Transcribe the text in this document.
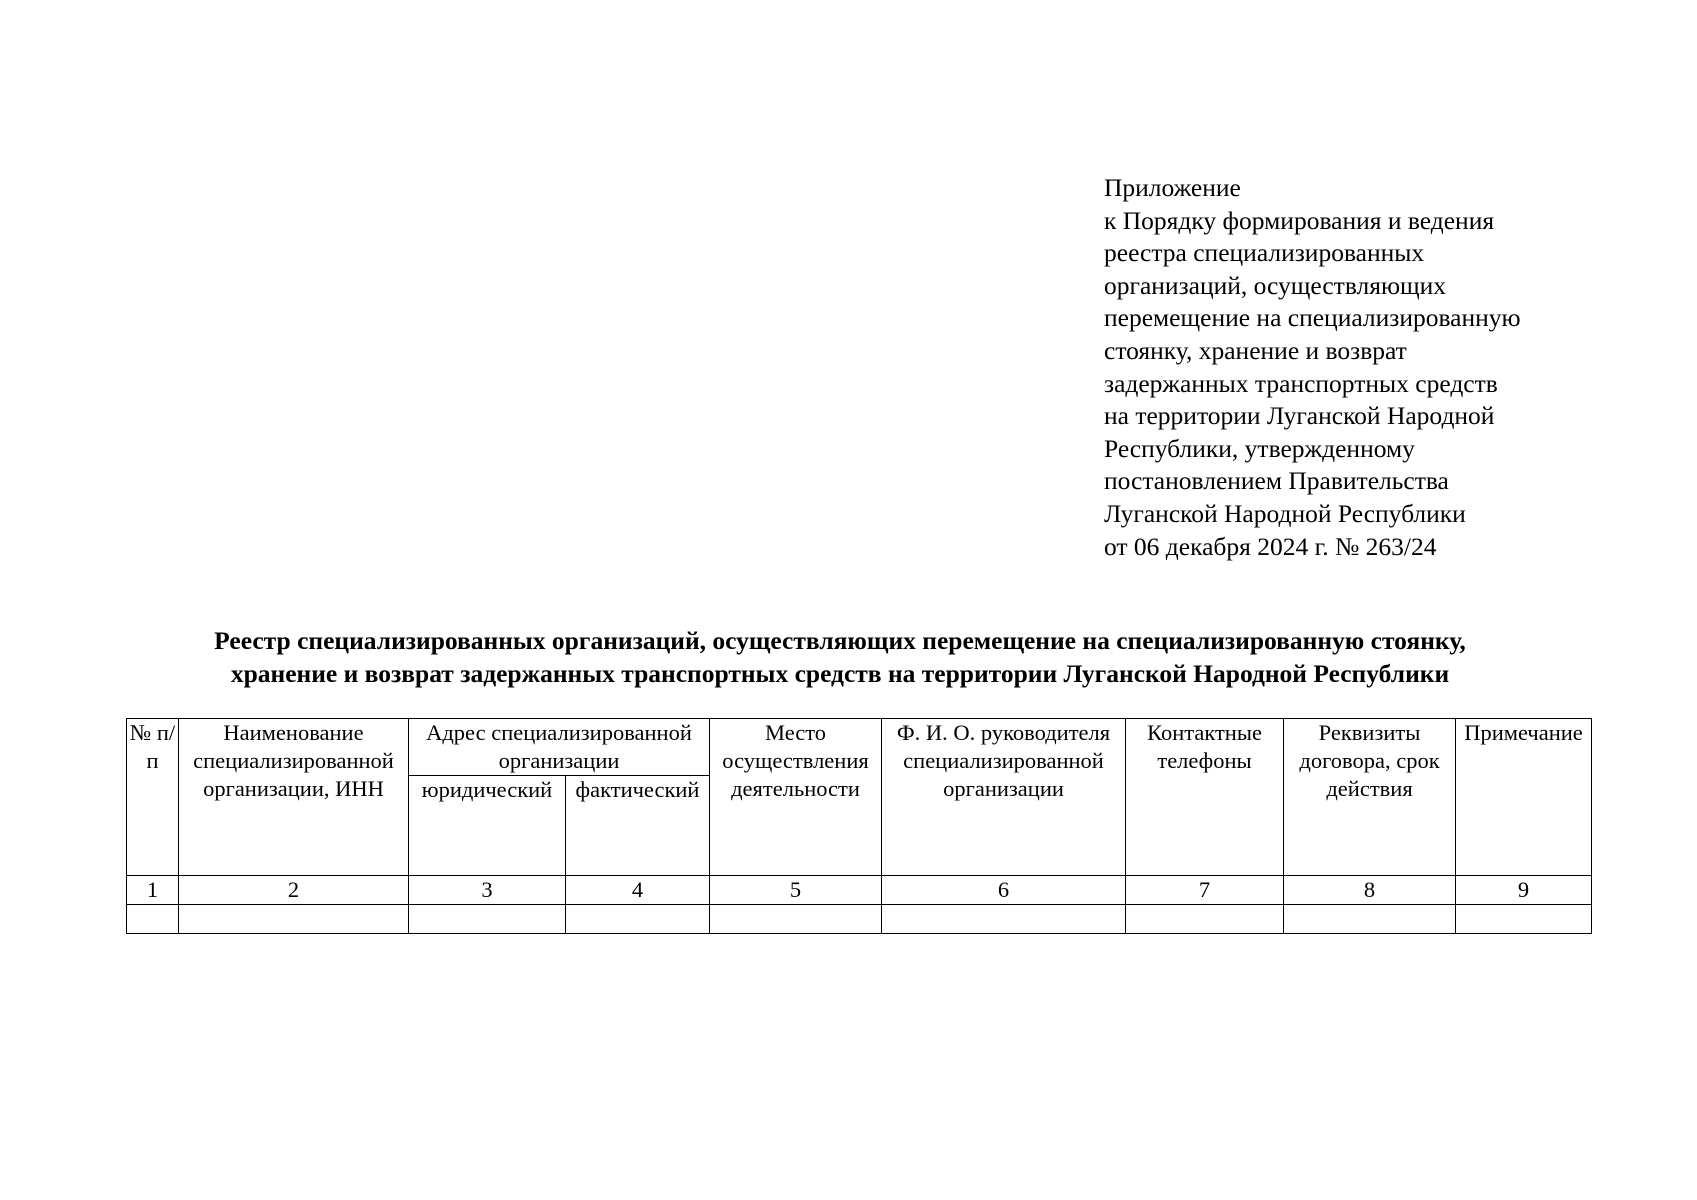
Приложение
к Порядку формирования и ведения
реестра специализированных
организаций, осуществляющих
перемещение на специализированную
стоянку, хранение и возврат
задержанных транспортных средств
на территории Луганской Народной
Республики, утвержденному
постановлением Правительства
Луганской Народной Республики
от 06 декабря 2024 г. № 263/24
Реестр специализированных организаций, осуществляющих перемещение на специализированную стоянку,
хранение и возврат задержанных транспортных средств на территории Луганской Народной Республики
№ п/п	Наименование специализированной организации, ИНН	Адрес специализированной организации		Место осуществления деятельности	Ф. И. О. руководителя специализированной организации	Контактные телефоны	Реквизиты договора, срок действия	Примечание
		юридический	фактический					
1	2	3	4	5	6	7	8	9
